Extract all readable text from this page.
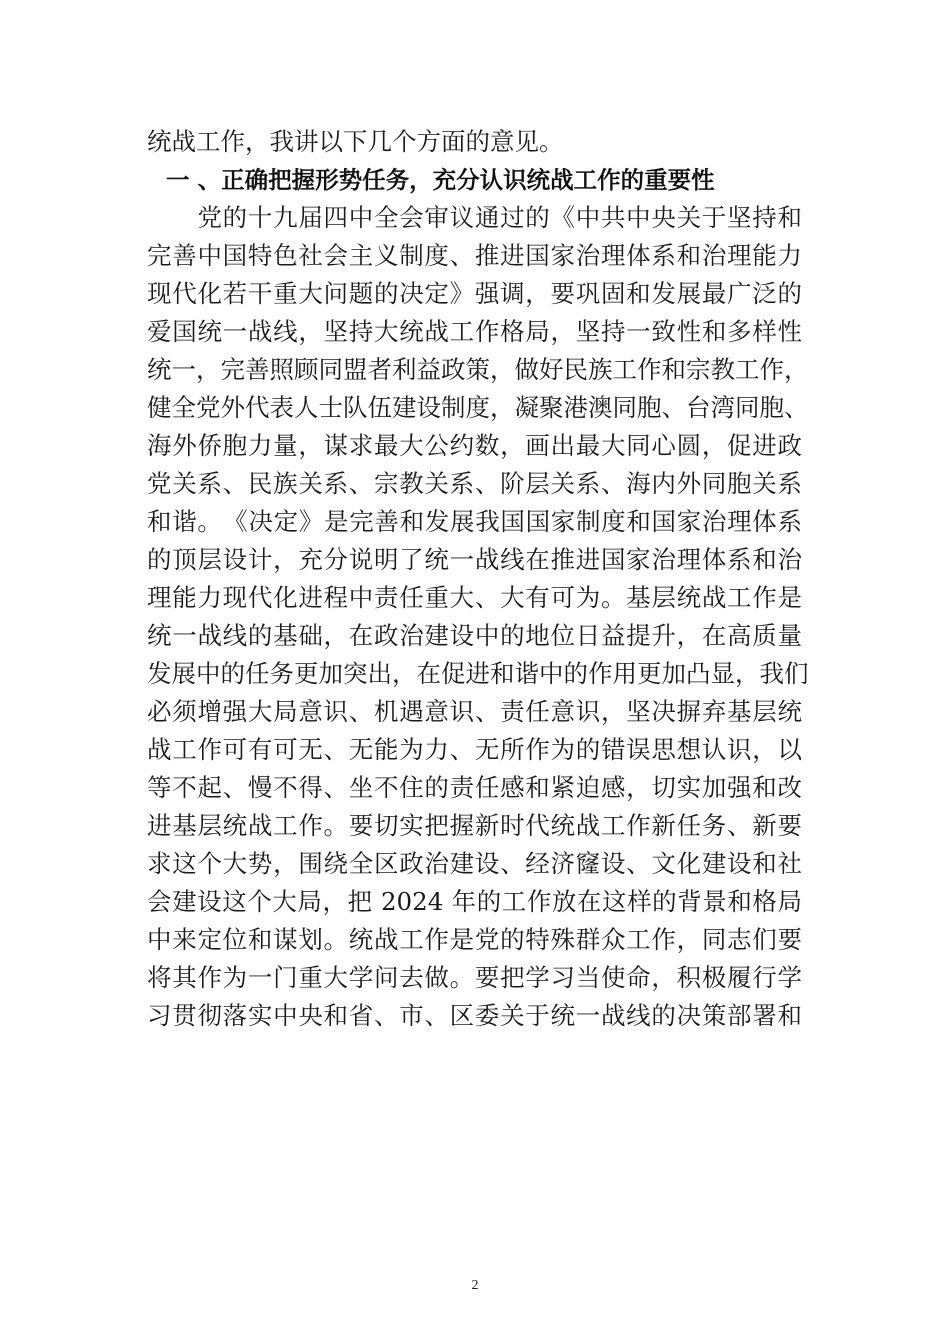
统战工作，我讲以下几个方面的意见。
一 、正确把握形势任务，充分认识统战工作的重要性
　　党的十九届四中全会审议通过的《中共中央关于坚持和
完善中国特色社会主义制度、推进国家治理体系和治理能力
现代化若干重大问题的决定》强调，要巩固和发展最广泛的
爱国统一战线，坚持大统战工作格局，坚持一致性和多样性
统一，完善照顾同盟者利益政策，做好民族工作和宗教工作，
健全党外代表人士队伍建设制度，凝聚港澳同胞、台湾同胞、
海外侨胞力量，谋求最大公约数，画出最大同心圆，促进政
党关系、民族关系、宗教关系、阶层关系、海内外同胞关系
和谐。　《决定》是完善和发展我国国家制度和国家治理体系
的顶层设计，充分说明了统一战线在推进国家治理体系和治
理能力现代化进程中责任重大、大有可为。基层统战工作是
统一战线的基础，在政治建设中的地位日益提升，在高质量
发展中的任务更加突出，在促进和谐中的作用更加凸显，我们
必须增强大局意识、机遇意识、责任意识，坚决摒弃基层统
战工作可有可无、无能为力、无所作为的错误思想认识，以
等不起、慢不得、坐不住的责任感和紧迫感，切实加强和改
进基层统战工作。要切实把握新时代统战工作新任务、新要
求这个大势，围绕全区政治建设、经济窿设、文化建设和社
会建设这个大局，把 2024 年的工作放在这样的背景和格局
中来定位和谋划。统战工作是党的特殊群众工作，同志们要
将其作为一门重大学问去做。要把学习当使命，积极履行学
习贯彻落实中央和省、市、区委关于统一战线的决策部署和
2
